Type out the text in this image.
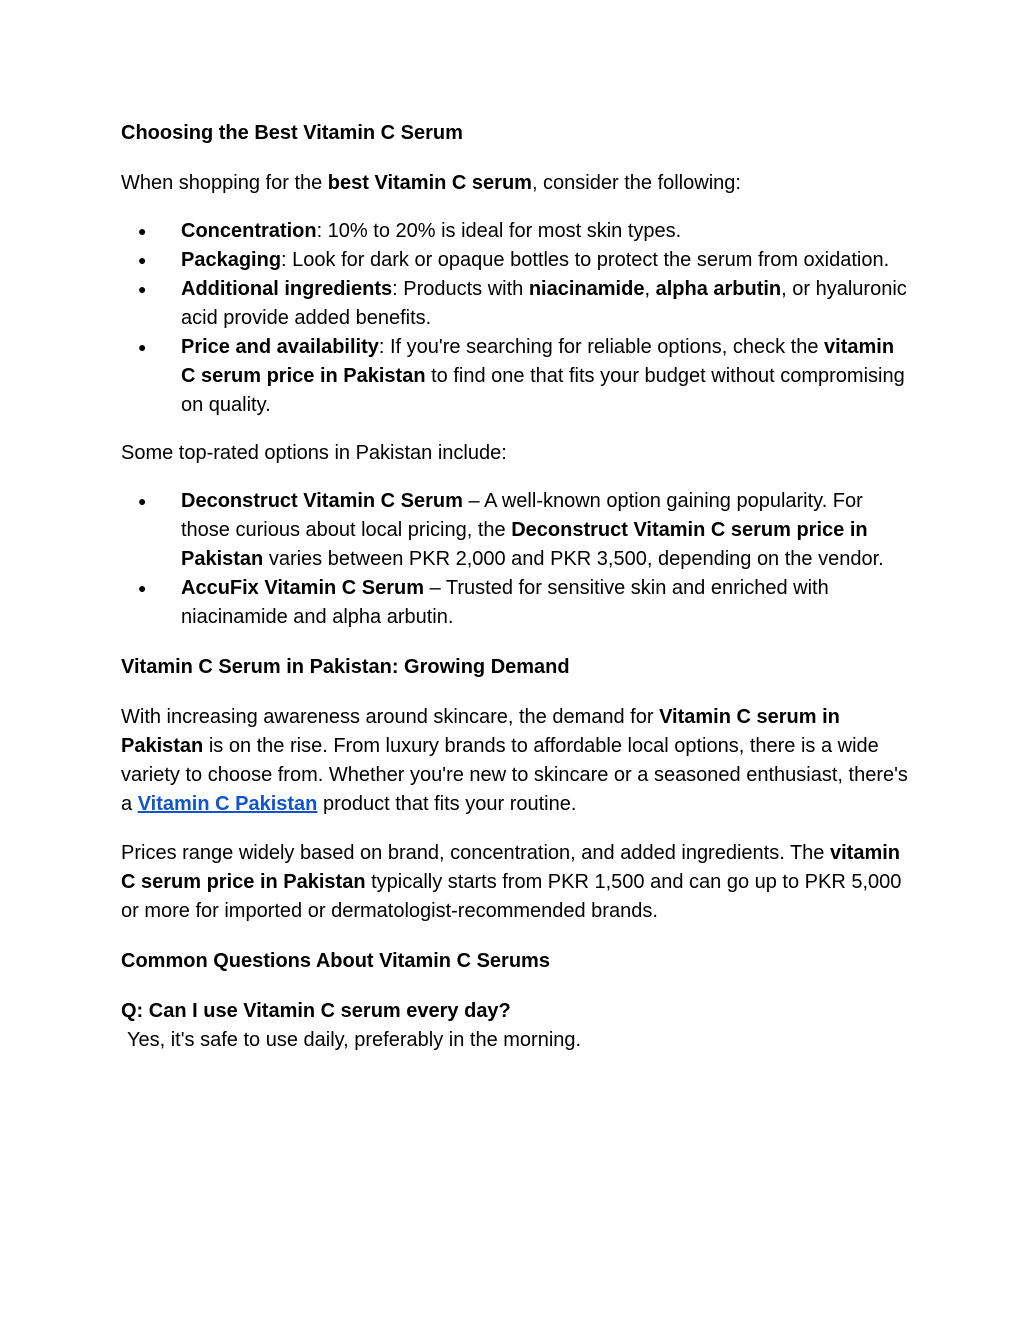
Choosing the Best Vitamin C Serum

When shopping for the best Vitamin C serum, consider the following:

● Concentration: 10% to 20% is ideal for most skin types.
● Packaging: Look for dark or opaque bottles to protect the serum from oxidation.
● Additional ingredients: Products with niacinamide, alpha arbutin, or hyaluronic acid provide added benefits.
● Price and availability: If you're searching for reliable options, check the vitamin C serum price in Pakistan to find one that fits your budget without compromising on quality.

Some top-rated options in Pakistan include:

● Deconstruct Vitamin C Serum – A well-known option gaining popularity. For those curious about local pricing, the Deconstruct Vitamin C serum price in Pakistan varies between PKR 2,000 and PKR 3,500, depending on the vendor.
● AccuFix Vitamin C Serum – Trusted for sensitive skin and enriched with niacinamide and alpha arbutin.
Vitamin C Serum in Pakistan: Growing Demand

With increasing awareness around skincare, the demand for Vitamin C serum in Pakistan is on the rise. From luxury brands to affordable local options, there is a wide variety to choose from. Whether you're new to skincare or a seasoned enthusiast, there's a Vitamin C Pakistan product that fits your routine.

Prices range widely based on brand, concentration, and added ingredients. The vitamin C serum price in Pakistan typically starts from PKR 1,500 and can go up to PKR 5,000 or more for imported or dermatologist-recommended brands.

Common Questions About Vitamin C Serums

Q: Can I use Vitamin C serum every day?

Yes, it's safe to use daily, preferably in the morning.
